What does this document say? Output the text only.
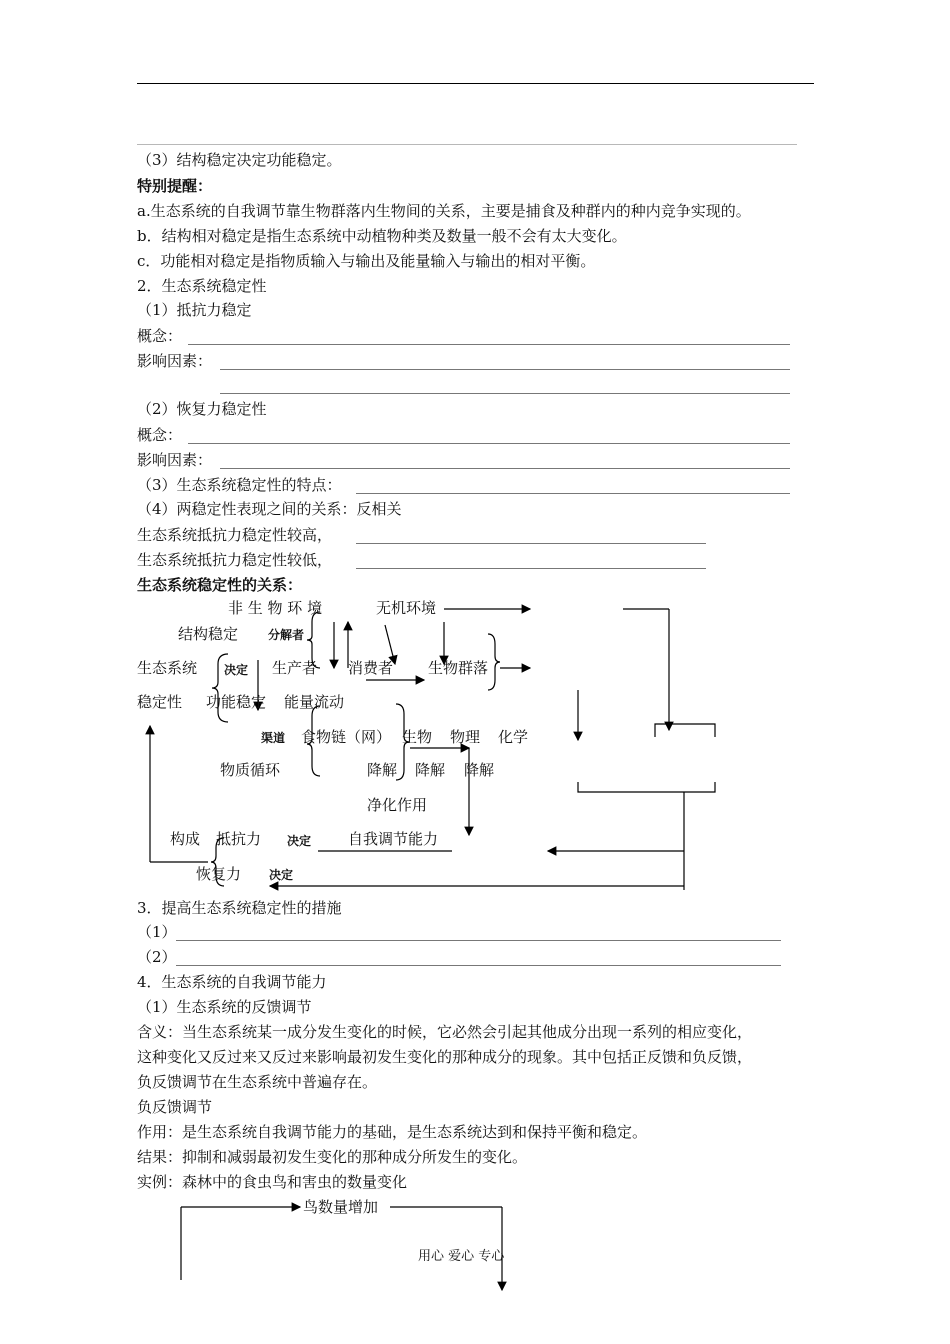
（3）结构稳定决定功能稳定。
特别提醒：
a.生态系统的自我调节靠生物群落内生物间的关系，主要是捕食及种群内的种内竞争实现的。
b．结构相对稳定是指生态系统中动植物种类及数量一般不会有太大变化。
c．功能相对稳定是指物质输入与输出及能量输入与输出的相对平衡。
2．生态系统稳定性
（1）抵抗力稳定
概念：
影响因素：
（2）恢复力稳定性
概念：
影响因素：
（3）生态系统稳定性的特点：
（4）两稳定性表现之间的关系：反相关
生态系统抵抗力稳定性较高，
生态系统抵抗力稳定性较低，
生态系统稳定性的关系：
非 生 物 环 境	无机环境
结构稳定 分解者
生态系统 决定 生产者 消费者 生物群落
稳定性 功能稳定 能量流动
渠道 食物链（网） 生物 物理 化学
物质循环	降解 降解 降解
净化作用
构成 抵抗力 决定 自我调节能力
恢复力 决定
3．提高生态系统稳定性的措施
（1）
（2）
4．生态系统的自我调节能力
（1）生态系统的反馈调节
含义：当生态系统某一成分发生变化的时候，它必然会引起其他成分出现一系列的相应变化，
这种变化又反过来又反过来影响最初发生变化的那种成分的现象。其中包括正反馈和负反馈，
负反馈调节在生态系统中普遍存在。
负反馈调节
作用：是生态系统自我调节能力的基础，是生态系统达到和保持平衡和稳定。
结果：抑制和减弱最初发生变化的那种成分所发生的变化。
实例：森林中的食虫鸟和害虫的数量变化
鸟数量增加
用心 爱心 专心
